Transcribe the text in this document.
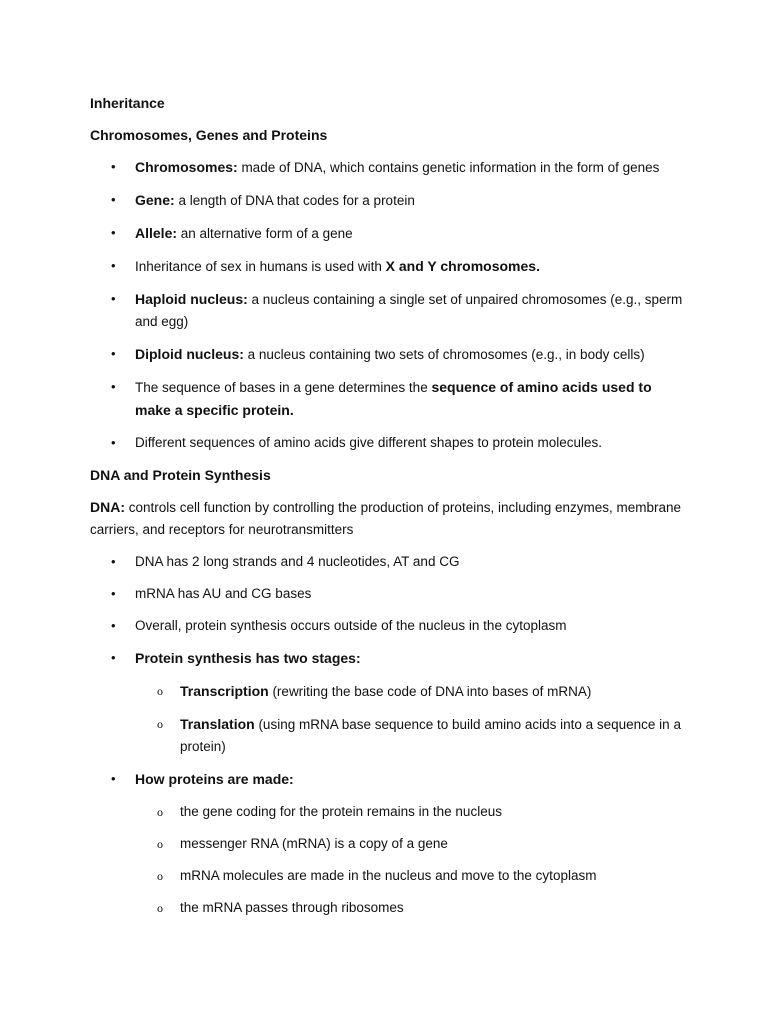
Inheritance

Chromosomes, Genes and Proteins

• Chromosomes: made of DNA, which contains genetic information in the form of genes
• Gene: a length of DNA that codes for a protein
• Allele: an alternative form of a gene
• Inheritance of sex in humans is used with X and Y chromosomes.
• Haploid nucleus: a nucleus containing a single set of unpaired chromosomes (e.g., sperm and egg)
• Diploid nucleus: a nucleus containing two sets of chromosomes (e.g., in body cells)
• The sequence of bases in a gene determines the sequence of amino acids used to make a specific protein.
• Different sequences of amino acids give different shapes to protein molecules.

DNA and Protein Synthesis

DNA: controls cell function by controlling the production of proteins, including enzymes, membrane carriers, and receptors for neurotransmitters

• DNA has 2 long strands and 4 nucleotides, AT and CG
• mRNA has AU and CG bases
• Overall, protein synthesis occurs outside of the nucleus in the cytoplasm
• Protein synthesis has two stages:
o Transcription (rewriting the base code of DNA into bases of mRNA)
o Translation (using mRNA base sequence to build amino acids into a sequence in a protein)
• How proteins are made:
o the gene coding for the protein remains in the nucleus
o messenger RNA (mRNA) is a copy of a gene
o mRNA molecules are made in the nucleus and move to the cytoplasm
o the mRNA passes through ribosomes
